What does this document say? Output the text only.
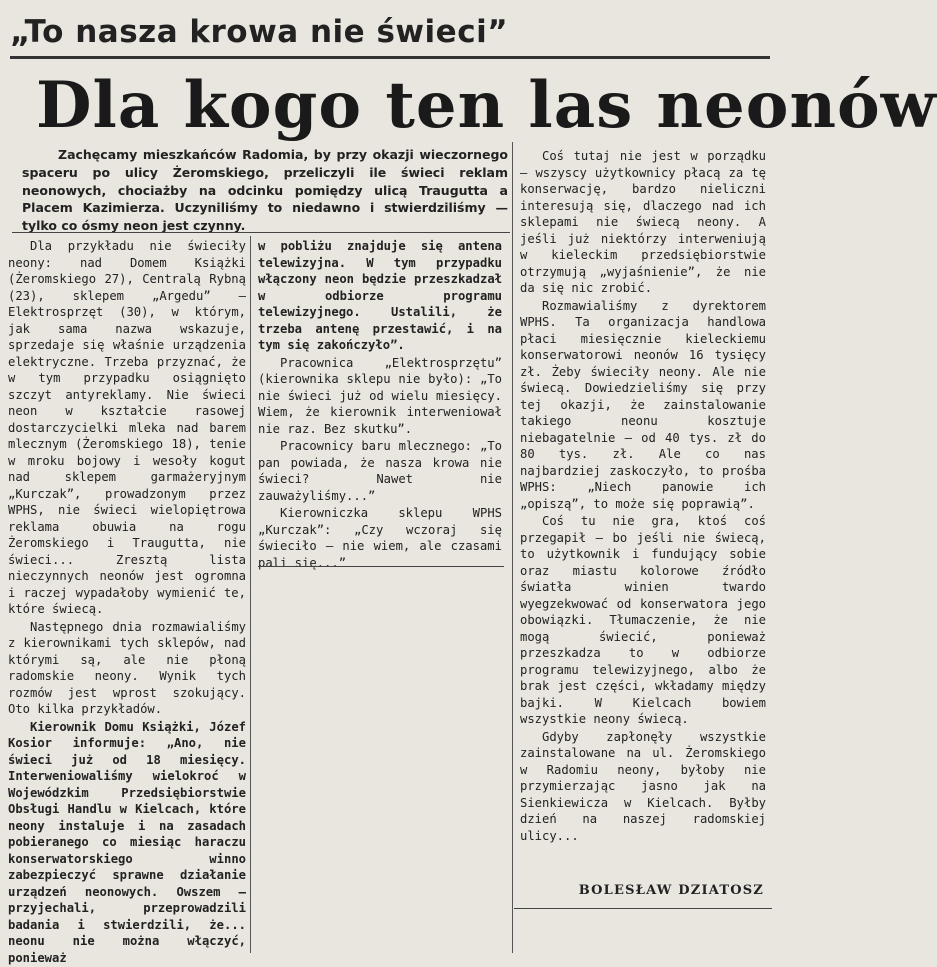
„To nasza krowa nie świeci”
Dla kogo ten las neonów
Zachęcamy mieszkańców Radomia, by przy okazji wieczornego spaceru po ulicy Żeromskiego, przeliczyli ile świeci reklam neonowych, chociażby na odcinku pomiędzy ulicą Traugutta a Placem Kazimierza. Uczyniliśmy to niedawno i stwierdziliśmy — tylko co ósmy neon jest czynny.

Dla przykładu nie świeciły neony: nad Domem Książki (Żeromskiego 27), Centralą Rybną (23), sklepem „Argedu” — Elektrosprzęt (30), w którym, jak sama nazwa wskazuje, sprzedaje się właśnie urządzenia elektryczne. Trzeba przyznać, że w tym przypadku osiągnięto szczyt antyreklamy. Nie świeci neon w kształcie rasowej dostarczycielki mleka nad barem mlecznym (Żeromskiego 18), tenie w mroku bojowy i wesoły kogut nad sklepem garmażeryjnym „Kurczak”, prowadzonym przez WPHS, nie świeci wielopiętrowa reklama obuwia na rogu Żeromskiego i Traugutta, nie świeci... Zresztą lista nieczynnych neonów jest ogromna i raczej wypadałoby wymienić te, które świecą.

Następnego dnia rozmawialiśmy z kierownikami tych sklepów, nad którymi są, ale nie płoną radomskie neony. Wynik tych rozmów jest wprost szokujący. Oto kilka przykładów.

Kierownik Domu Książki, Józef Kosior informuje: „Ano, nie świeci już od 18 miesięcy. Interweniowaliśmy wielokroć w Wojewódzkim Przedsiębiorstwie Obsługi Handlu w Kielcach, które neony instaluje i na zasadach pobieranego co miesiąc haraczu konserwatorskiego winno zabezpieczyć sprawne działanie urządzeń neonowych. Owszem — przyjechali, przeprowadzili badania i stwierdzili, że... neonu nie można włączyć, ponieważ

w pobliżu znajduje się antena telewizyjna. W tym przypadku włączony neon będzie przeszkadzał w odbiorze programu telewizyjnego. Ustalili, że trzeba antenę przestawić, i na tym się zakończyło”.

Pracownica „Elektrosprzętu” (kierownika sklepu nie było): „To nie świeci już od wielu miesięcy. Wiem, że kierownik interweniował nie raz. Bez skutku”.

Pracownicy baru mlecznego: „To pan powiada, że nasza krowa nie świeci? Nawet nie zauważyliśmy...”

Kierowniczka sklepu WPHS „Kurczak”: „Czy wczoraj się świeciło — nie wiem, ale czasami pali się...”

Coś tutaj nie jest w porządku — wszyscy użytkownicy płacą za tę konserwację, bardzo nieliczni interesują się, dlaczego nad ich sklepami nie świecą neony. A jeśli już niektórzy interweniują w kieleckim przedsiębiorstwie otrzymują „wyjaśnienie”, że nie da się nic zrobić.

Rozmawialiśmy z dyrektorem WPHS. Ta organizacja handlowa płaci miesięcznie kieleckiemu konserwatorowi neonów 16 tysięcy zł. Żeby świeciły neony. Ale nie świecą. Dowiedzieliśmy się przy tej okazji, że zainstalowanie takiego neonu kosztuje niebagatelnie — od 40 tys. zł do 80 tys. zł. Ale co nas najbardziej zaskoczyło, to prośba WPHS: „Niech panowie ich „opiszą”, to może się poprawią”.

Coś tu nie gra, ktoś coś przegapił — bo jeśli nie świecą, to użytkownik i fundujący sobie oraz miastu kolorowe źródło światła winien twardo wyegzekwować od konserwatora jego obowiązki. Tłumaczenie, że nie mogą świecić, ponieważ przeszkadza to w odbiorze programu telewizyjnego, albo że brak jest części, wkładamy między bajki. W Kielcach bowiem wszystkie neony świecą.

Gdyby zapłonęły wszystkie zainstalowane na ul. Żeromskiego w Radomiu neony, byłoby nie przymierzając jasno jak na Sienkiewicza w Kielcach. Byłby dzień na naszej radomskiej ulicy...

BOLESŁAW DZIATOSZ
